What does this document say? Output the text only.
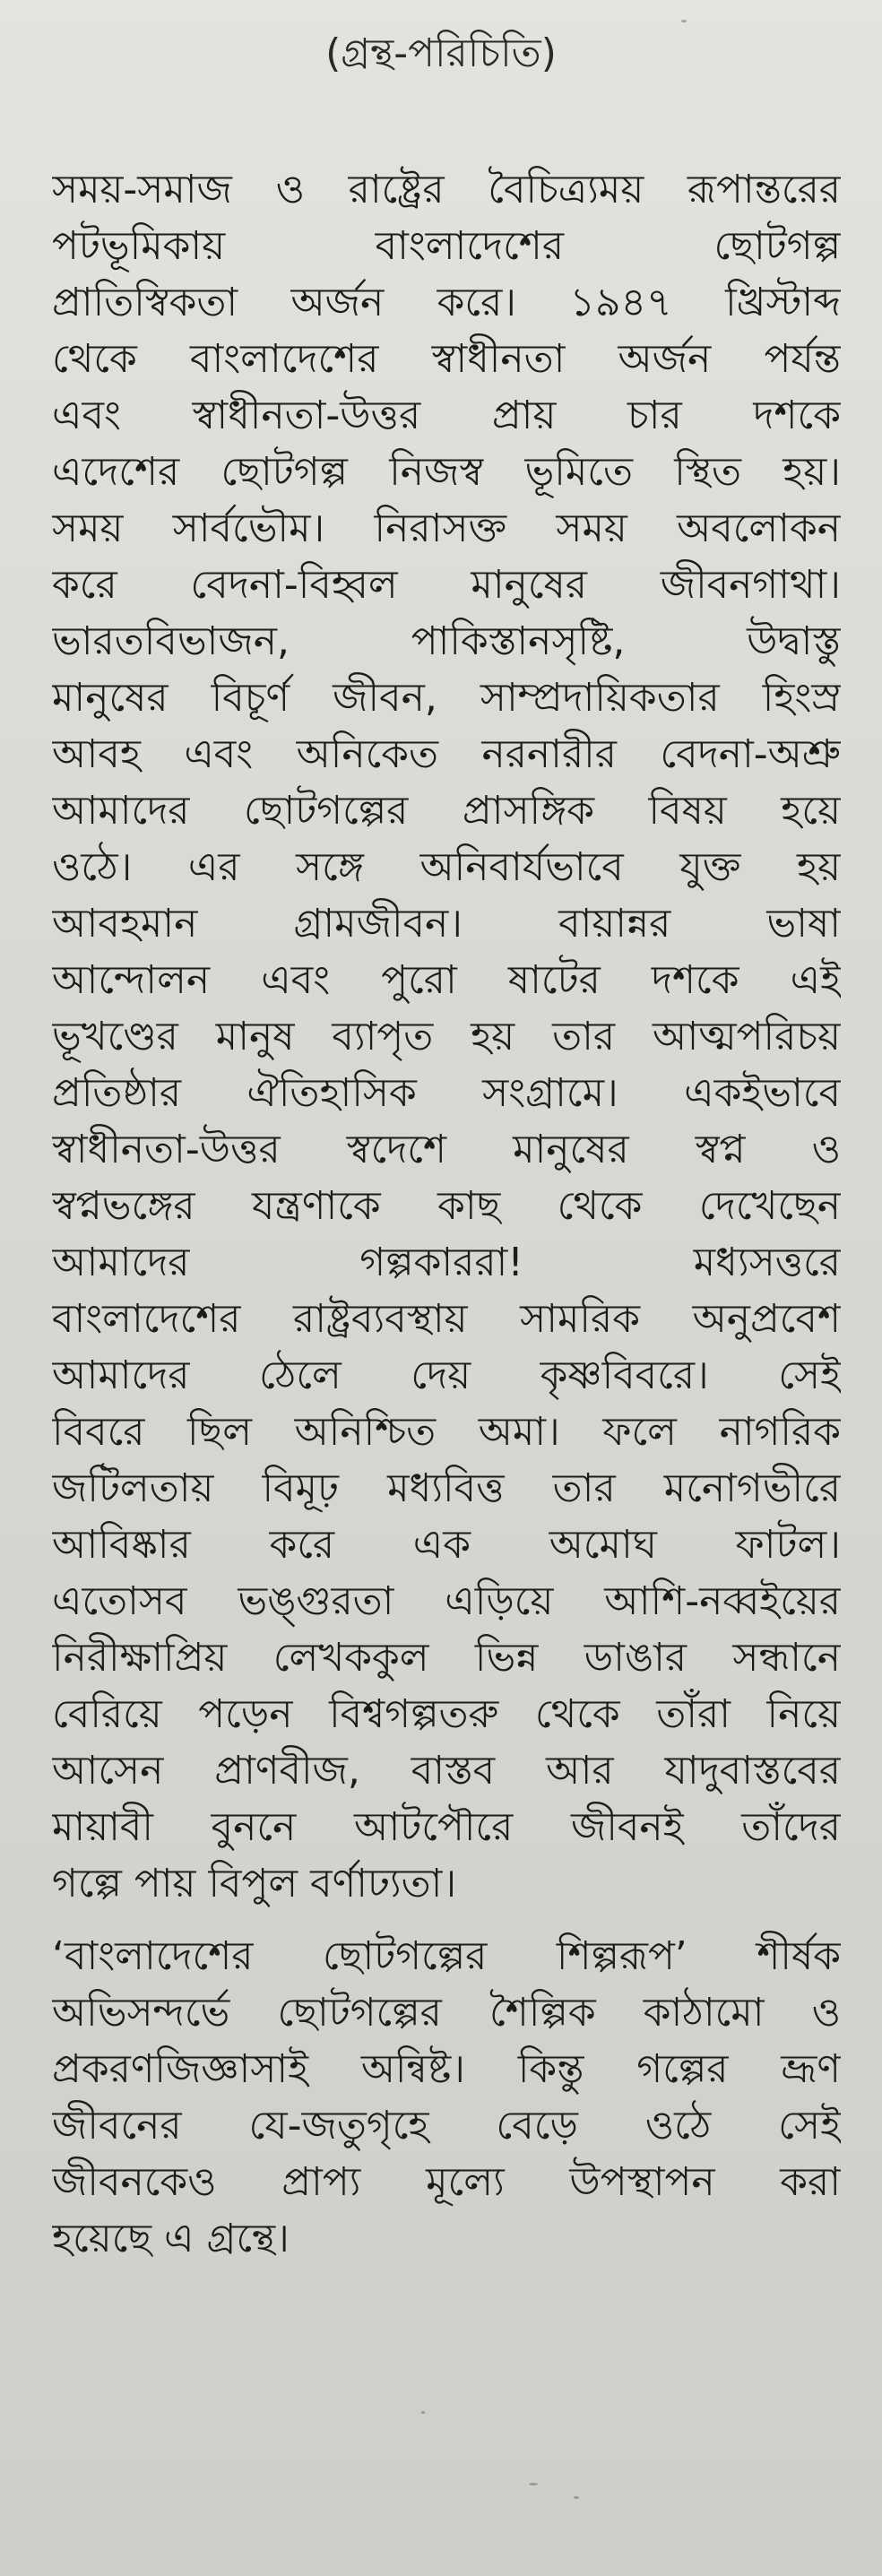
(গ্রন্থ-পরিচিতি)
সময়-সমাজ ও রাষ্ট্রের বৈচিত্র্যময় রূপান্তরের
পটভূমিকায় বাংলাদেশের ছোটগল্প
প্রাতিস্বিকতা অর্জন করে। ১৯৪৭ খ্রিস্টাব্দ
থেকে বাংলাদেশের স্বাধীনতা অর্জন পর্যন্ত
এবং স্বাধীনতা-উত্তর প্রায় চার দশকে
এদেশের ছোটগল্প নিজস্ব ভূমিতে স্থিত হয়।
সময় সার্বভৌম। নিরাসক্ত সময় অবলোকন
করে বেদনা-বিহ্বল মানুষের জীবনগাথা।
ভারতবিভাজন, পাকিস্তানসৃষ্টি, উদ্বাস্তু
মানুষের বিচূর্ণ জীবন, সাম্প্রদায়িকতার হিংস্র
আবহ এবং অনিকেত নরনারীর বেদনা-অশ্রু
আমাদের ছোটগল্পের প্রাসঙ্গিক বিষয় হয়ে
ওঠে। এর সঙ্গে অনিবার্যভাবে যুক্ত হয়
আবহমান গ্রামজীবন। বায়ান্নর ভাষা
আন্দোলন এবং পুরো ষাটের দশকে এই
ভূখণ্ডের মানুষ ব্যাপৃত হয় তার আত্মপরিচয়
প্রতিষ্ঠার ঐতিহাসিক সংগ্রামে। একইভাবে
স্বাধীনতা-উত্তর স্বদেশে মানুষের স্বপ্ন ও
স্বপ্নভঙ্গের যন্ত্রণাকে কাছ থেকে দেখেছেন
আমাদের গল্পকাররা! মধ্যসত্তরে
বাংলাদেশের রাষ্ট্রব্যবস্থায় সামরিক অনুপ্রবেশ
আমাদের ঠেলে দেয় কৃষ্ণবিবরে। সেই
বিবরে ছিল অনিশ্চিত অমা। ফলে নাগরিক
জটিলতায় বিমূঢ় মধ্যবিত্ত তার মনোগভীরে
আবিষ্কার করে এক অমোঘ ফাটল।
এতোসব ভঙ্গুরতা এড়িয়ে আশি-নব্বইয়ের
নিরীক্ষাপ্রিয় লেখককুল ভিন্ন ডাঙার সন্ধানে
বেরিয়ে পড়েন বিশ্বগল্পতরু থেকে তাঁরা নিয়ে
আসেন প্রাণবীজ, বাস্তব আর যাদুবাস্তবের
মায়াবী বুননে আটপৌরে জীবনই তাঁদের
গল্পে পায় বিপুল বর্ণাঢ্যতা।
‘বাংলাদেশের ছোটগল্পের শিল্পরূপ’ শীর্ষক
অভিসন্দর্ভে ছোটগল্পের শৈল্পিক কাঠামো ও
প্রকরণজিজ্ঞাসাই অন্বিষ্ট। কিন্তু গল্পের ভ্রূণ
জীবনের যে-জতুগৃহে বেড়ে ওঠে সেই
জীবনকেও প্রাপ্য মূল্যে উপস্থাপন করা
হয়েছে এ গ্রন্থে।
